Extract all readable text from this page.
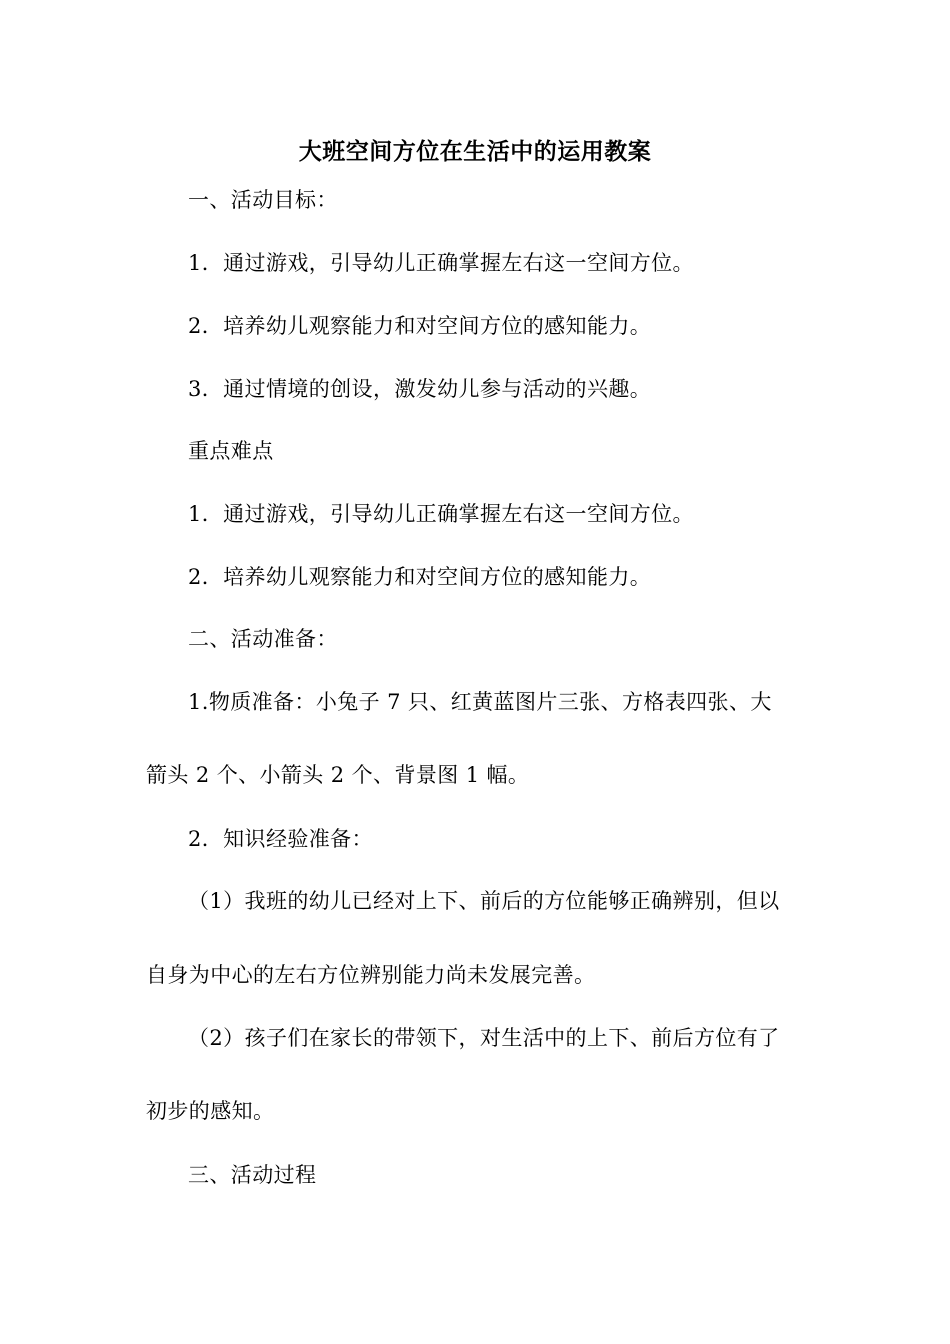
大班空间方位在生活中的运用教案
一、活动目标：
1．通过游戏，引导幼儿正确掌握左右这一空间方位。
2．培养幼儿观察能力和对空间方位的感知能力。
3．通过情境的创设，激发幼儿参与活动的兴趣。
重点难点
1．通过游戏，引导幼儿正确掌握左右这一空间方位。
2．培养幼儿观察能力和对空间方位的感知能力。
二、活动准备：
1.物质准备：小兔子 7 只、红黄蓝图片三张、方格表四张、大
箭头 2 个、小箭头 2 个、背景图 1 幅。
2．知识经验准备：
（1）我班的幼儿已经对上下、前后的方位能够正确辨别，但以
自身为中心的左右方位辨别能力尚未发展完善。
（2）孩子们在家长的带领下，对生活中的上下、前后方位有了
初步的感知。
三、活动过程
